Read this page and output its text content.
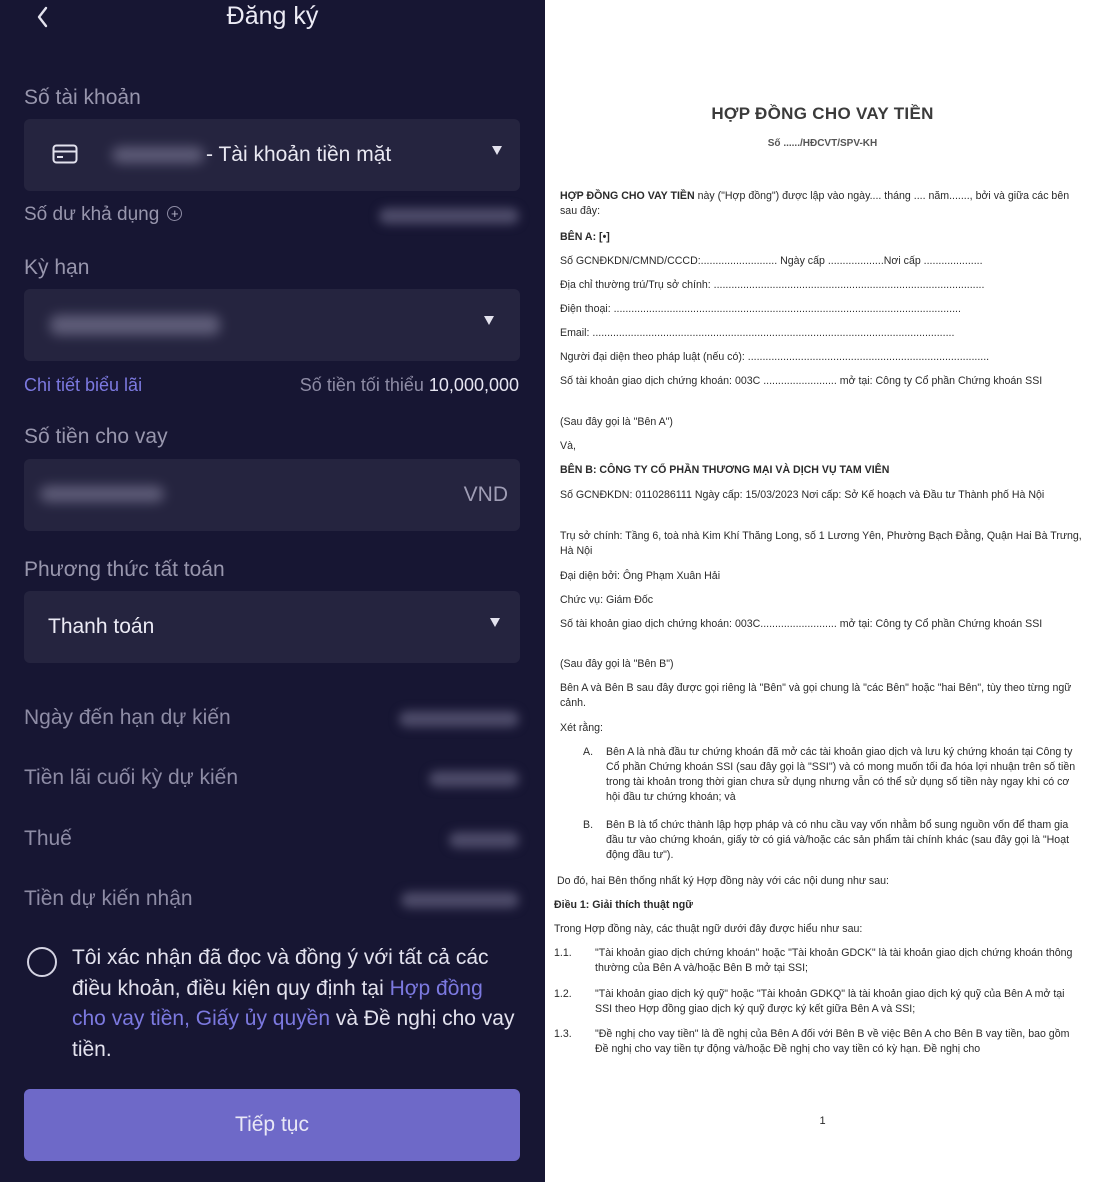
Đăng ký
Số tài khoản
- Tài khoản tiền mặt
Số dư khả dụng +
Kỳ hạn
Chi tiết biểu lãi	Số tiền tối thiểu 10,000,000
Số tiền cho vay
VND
Phương thức tất toán
Thanh toán
Ngày đến hạn dự kiến
Tiền lãi cuối kỳ dự kiến
Thuế
Tiền dự kiến nhận
Tôi xác nhận đã đọc và đồng ý với tất cả các điều khoản, điều kiện quy định tại Hợp đồng cho vay tiền, Giấy ủy quyền và Đề nghị cho vay tiền.
Tiếp tục
HỢP ĐỒNG CHO VAY TIỀN
Số ....../HĐCVT/SPV-KH
HỢP ĐỒNG CHO VAY TIỀN này ("Hợp đồng") được lập vào ngày.... tháng .... năm......., bởi và giữa các bên sau đây:
BÊN A: [•]
Số GCNĐKDN/CMND/CCCD:.......................... Ngày cấp ...................Nơi cấp ....................
Địa chỉ thường trú/Trụ sở chính: ............................................................................................
Điện thoại: ......................................................................................................................
Email: ...........................................................................................................................
Người đại diện theo pháp luật (nếu có): ..................................................................................
Số tài khoản giao dịch chứng khoán: 003C ......................... mở tại: Công ty Cổ phần Chứng khoán SSI
(Sau đây gọi là "Bên A")
Và,
BÊN B: CÔNG TY CỔ PHẦN THƯƠNG MẠI VÀ DỊCH VỤ TAM VIÊN
Số GCNĐKDN: 0110286111 Ngày cấp: 15/03/2023 Nơi cấp: Sở Kế hoạch và Đầu tư Thành phố Hà Nội
Trụ sở chính: Tầng 6, toà nhà Kim Khí Thăng Long, số 1 Lương Yên, Phường Bạch Đằng, Quận Hai Bà Trưng, Hà Nội
Đại diện bởi: Ông Phạm Xuân Hải
Chức vụ: Giám Đốc
Số tài khoản giao dịch chứng khoán: 003C.......................... mở tại: Công ty Cổ phần Chứng khoán SSI
(Sau đây gọi là "Bên B")
Bên A và Bên B sau đây được gọi riêng là "Bên" và gọi chung là "các Bên" hoặc "hai Bên", tùy theo từng ngữ cảnh.
Xét rằng:
A.	Bên A là nhà đầu tư chứng khoán đã mở các tài khoản giao dịch và lưu ký chứng khoán tại Công ty Cổ phần Chứng khoán SSI (sau đây gọi là "SSI") và có mong muốn tối đa hóa lợi nhuận trên số tiền trong tài khoản trong thời gian chưa sử dụng nhưng vẫn có thể sử dụng số tiền này ngay khi có cơ hội đầu tư chứng khoán; và
B.	Bên B là tổ chức thành lập hợp pháp và có nhu cầu vay vốn nhằm bổ sung nguồn vốn để tham gia đầu tư vào chứng khoán, giấy tờ có giá và/hoặc các sản phẩm tài chính khác (sau đây gọi là "Hoạt động đầu tư").
Do đó, hai Bên thống nhất ký Hợp đồng này với các nội dung như sau:
Điều 1: Giải thích thuật ngữ
Trong Hợp đồng này, các thuật ngữ dưới đây được hiểu như sau:
1.1.	"Tài khoản giao dịch chứng khoán" hoặc "Tài khoản GDCK" là tài khoản giao dịch chứng khoán thông thường của Bên A và/hoặc Bên B mở tại SSI;
1.2.	"Tài khoản giao dịch ký quỹ" hoặc "Tài khoản GDKQ" là tài khoản giao dịch ký quỹ của Bên A mở tại SSI theo Hợp đồng giao dịch ký quỹ được ký kết giữa Bên A và SSI;
1.3.	"Đề nghị cho vay tiền" là đề nghị của Bên A đối với Bên B về việc Bên A cho Bên B vay tiền, bao gồm Đề nghị cho vay tiền tự động và/hoặc Đề nghị cho vay tiền có kỳ hạn. Đề nghị cho
1
